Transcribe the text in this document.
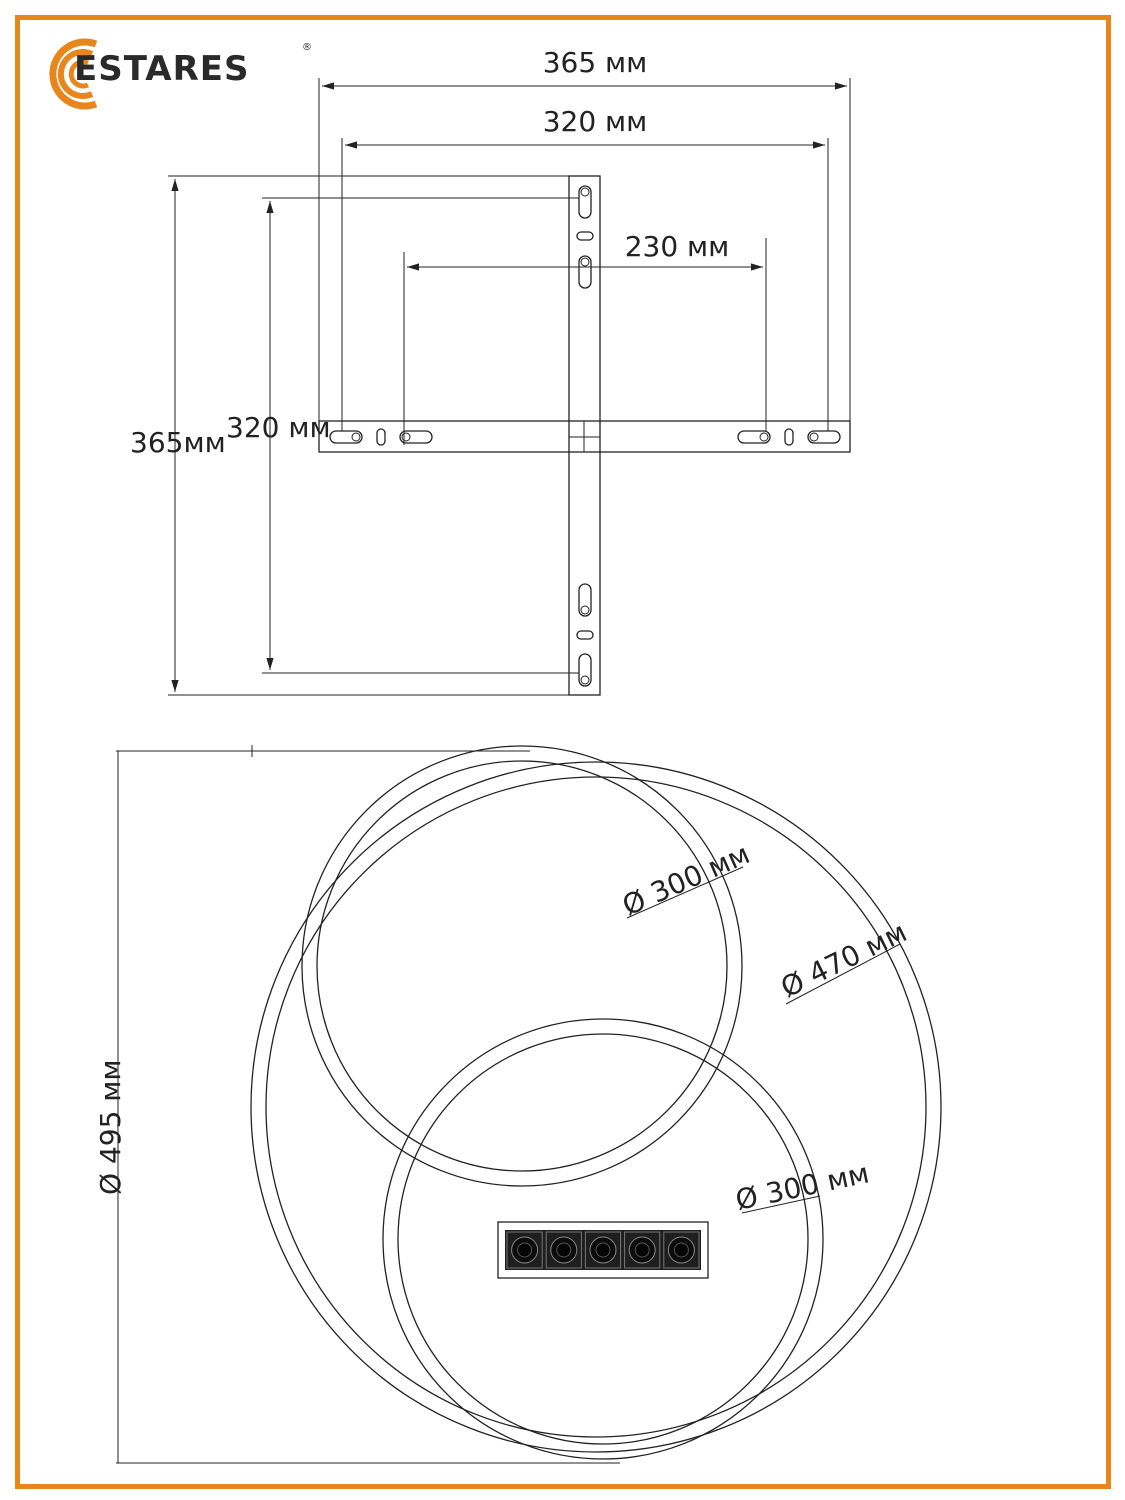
ESTARES
®	365 мм
320 мм
230 мм
365мм 320 мм
Ø 495 мм
Ø 300 мм
Ø 470 мм
Ø 300 мм
